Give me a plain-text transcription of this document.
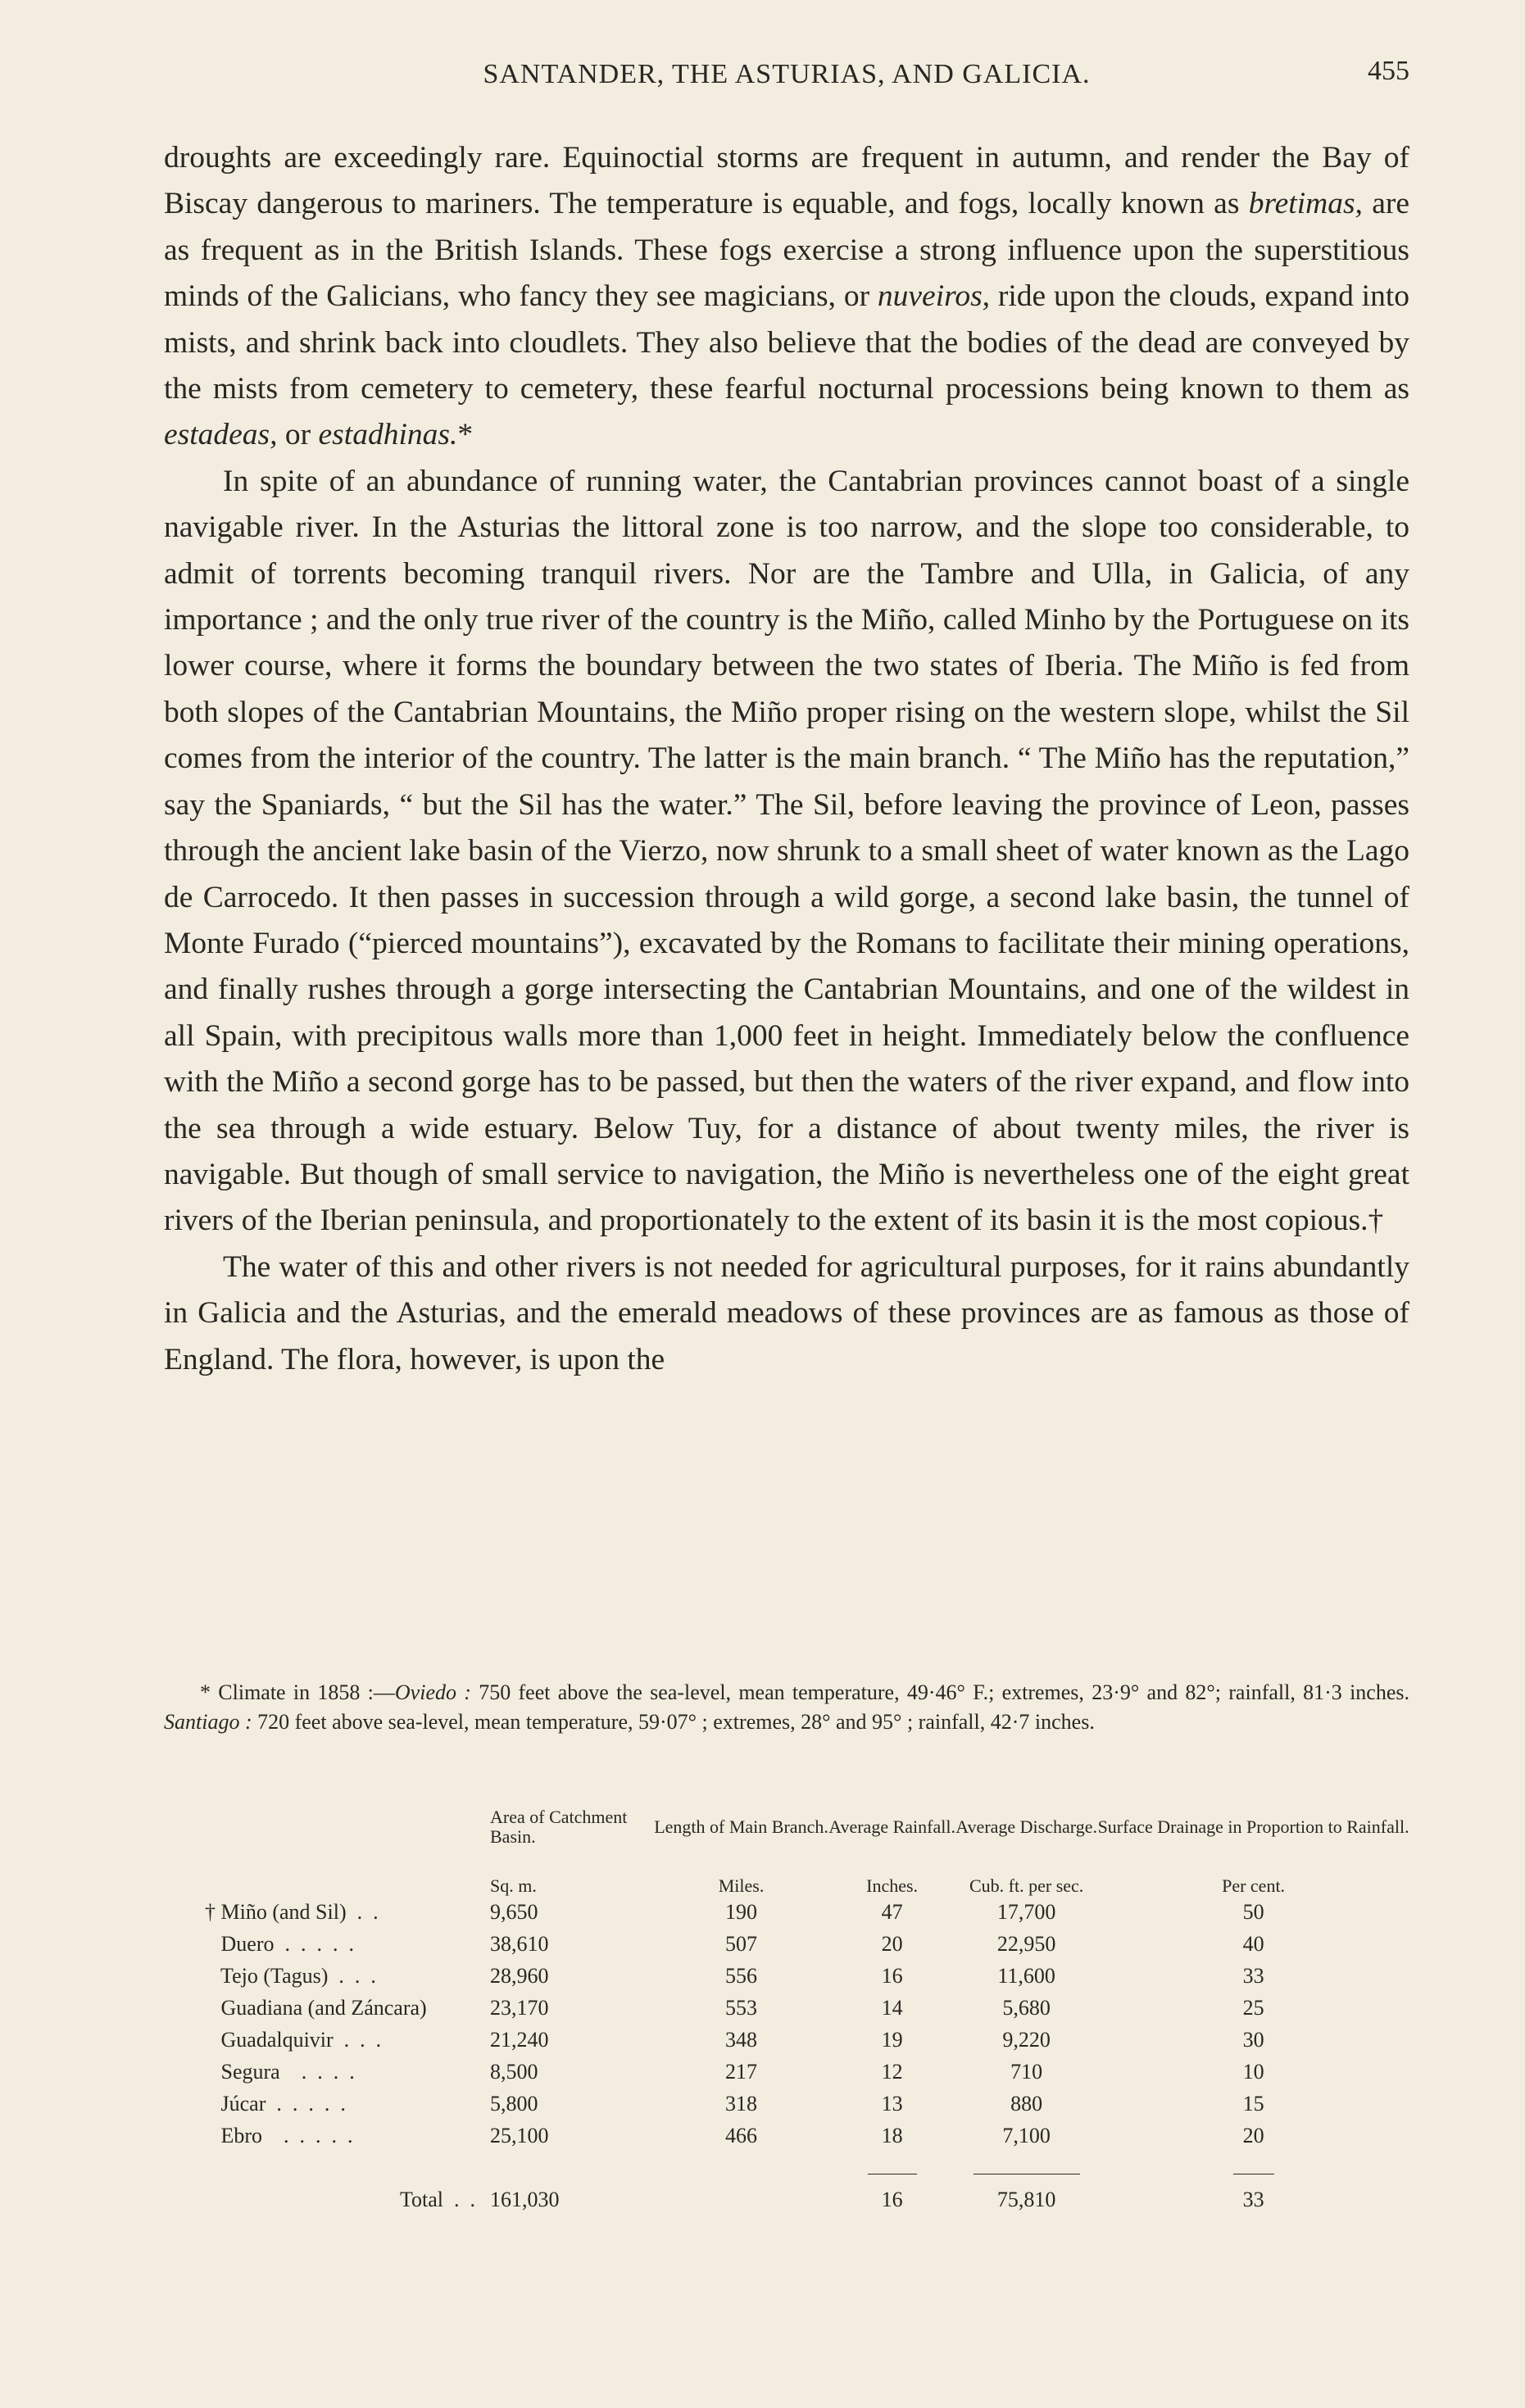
SANTANDER, THE ASTURIAS, AND GALICIA.	455

droughts are exceedingly rare. Equinoctial storms are frequent in autumn, and render the Bay of Biscay dangerous to mariners. The temperature is equable, and fogs, locally known as bretimas, are as frequent as in the British Islands. These fogs exercise a strong influence upon the superstitious minds of the Galicians, who fancy they see magicians, or nuveiros, ride upon the clouds, expand into mists, and shrink back into cloudlets. They also believe that the bodies of the dead are conveyed by the mists from cemetery to cemetery, these fearful nocturnal processions being known to them as estadeas, or estadhinas.*

In spite of an abundance of running water, the Cantabrian provinces cannot boast of a single navigable river. In the Asturias the littoral zone is too narrow, and the slope too considerable, to admit of torrents becoming tranquil rivers. Nor are the Tambre and Ulla, in Galicia, of any importance ; and the only true river of the country is the Miño, called Minho by the Portuguese on its lower course, where it forms the boundary between the two states of Iberia. The Miño is fed from both slopes of the Cantabrian Mountains, the Miño proper rising on the western slope, whilst the Sil comes from the interior of the country. The latter is the main branch. “ The Miño has the reputation,” say the Spaniards, “ but the Sil has the water.” The Sil, before leaving the province of Leon, passes through the ancient lake basin of the Vierzo, now shrunk to a small sheet of water known as the Lago de Carrocedo. It then passes in succession through a wild gorge, a second lake basin, the tunnel of Monte Furado (“pierced mountains”), excavated by the Romans to facilitate their mining operations, and finally rushes through a gorge intersecting the Cantabrian Mountains, and one of the wildest in all Spain, with precipitous walls more than 1,000 feet in height. Immediately below the confluence with the Miño a second gorge has to be passed, but then the waters of the river expand, and flow into the sea through a wide estuary. Below Tuy, for a distance of about twenty miles, the river is navigable. But though of small service to navigation, the Miño is nevertheless one of the eight great rivers of the Iberian peninsula, and proportionately to the extent of its basin it is the most copious.†

The water of this and other rivers is not needed for agricultural purposes, for it rains abundantly in Galicia and the Asturias, and the emerald meadows of these provinces are as famous as those of England. The flora, however, is upon the

* Climate in 1858 :—Oviedo : 750 feet above the sea-level, mean temperature, 49·46° F.; extremes, 23·9° and 82°; rainfall, 81·3 inches. Santiago : 720 feet above sea-level, mean temperature, 59·07° ; extremes, 28° and 95° ; rainfall, 42·7 inches.

	Area of Catchment Basin.	Length of Main Branch.	Average Rainfall.	Average Discharge.	Surface Drainage in Proportion to Rainfall.
	Sq. m.	Miles.	Inches.	Cub. ft. per sec.	Per cent.
† Miño (and Sil)  .  .	9,650	190	47	17,700	50
Duero  .  .  .  .  .	38,610	507	20	22,950	40
Tejo (Tagus)  .  .  .	28,960	556	16	11,600	33
Guadiana (and Záncara)	23,170	553	14	5,680	25
Guadalquivir  .  .  .	21,240	348	19	9,220	30
Segura    .  .  .  .	8,500	217	12	710	10
Júcar  .  .  .  .  .	5,800	318	13	880	15
Ebro    .  .  .  .  .	25,100	466	18	7,100	20

Total  .  .	161,030		16	75,810	33
